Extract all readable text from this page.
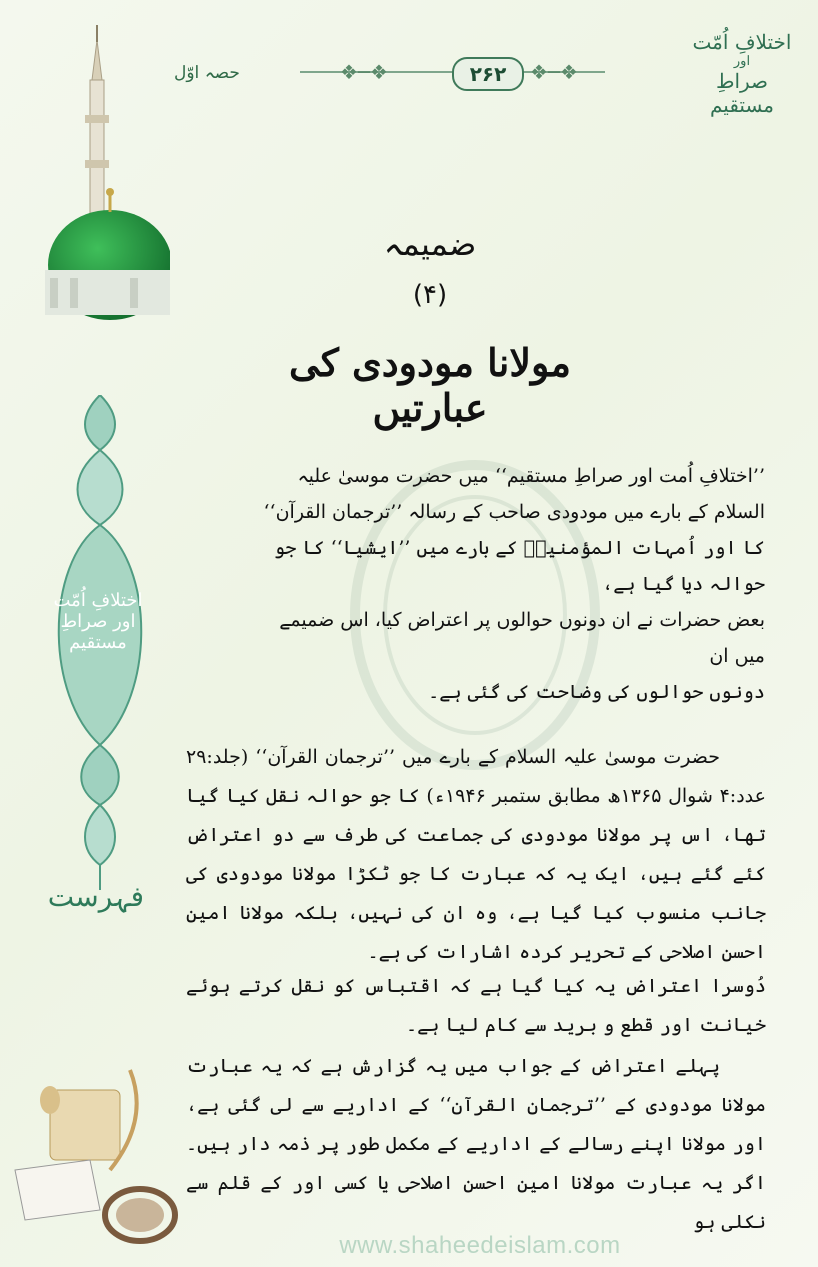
حصہ اوّل	❖─❖	❖─❖
۲۶۲
اختلافِ اُمّت
اور
صراطِ مستقیم
ضمیمہ
(۴)
مولانا مودودی کی عبارتیں
اختلافِ اُمّت اور صراطِ مستقیم
فہرست
’’اختلافِ اُمت اور صراطِ مستقیم‘‘ میں حضرت موسیٰ علیہ
السلام کے بارے میں مودودی صاحب کے رسالہ ’’ترجمان القرآن‘‘
کا اور اُمہات المؤمنینؓ کے بارے میں ’’ایشیا‘‘ کا جو حوالہ دیا گیا ہے،
بعض حضرات نے ان دونوں حوالوں پر اعتراض کیا، اس ضمیمے میں ان
دونوں حوالوں کی وضاحت کی گئی ہے۔

حضرت موسیٰ علیہ السلام کے بارے میں ’’ترجمان القرآن‘‘ (جلد:۲۹ عدد:۴ شوال ۱۳۶۵ھ مطابق ستمبر ۱۹۴۶ء) کا جو حوالہ نقل کیا گیا تھا، اس پر مولانا مودودی کی جماعت کی طرف سے دو اعتراض کئے گئے ہیں، ایک یہ کہ عبارت کا جو ٹکڑا مولانا مودودی کی جانب منسوب کیا گیا ہے، وہ ان کی نہیں، بلکہ مولانا امین احسن اصلاحی کے تحریر کردہ اشارات کی ہے۔

دُوسرا اعتراض یہ کیا گیا ہے کہ اقتباس کو نقل کرتے ہوئے خیانت اور قطع و برید سے کام لیا ہے۔

پہلے اعتراض کے جواب میں یہ گزارش ہے کہ یہ عبارت مولانا مودودی کے ’’ترجمان القرآن‘‘ کے اداریے سے لی گئی ہے، اور مولانا اپنے رسالے کے اداریے کے مکمل طور پر ذمہ دار ہیں۔ اگر یہ عبارت مولانا امین احسن اصلاحی یا کسی اور کے قلم سے نکلی ہو

www.shaheedeislam.com
